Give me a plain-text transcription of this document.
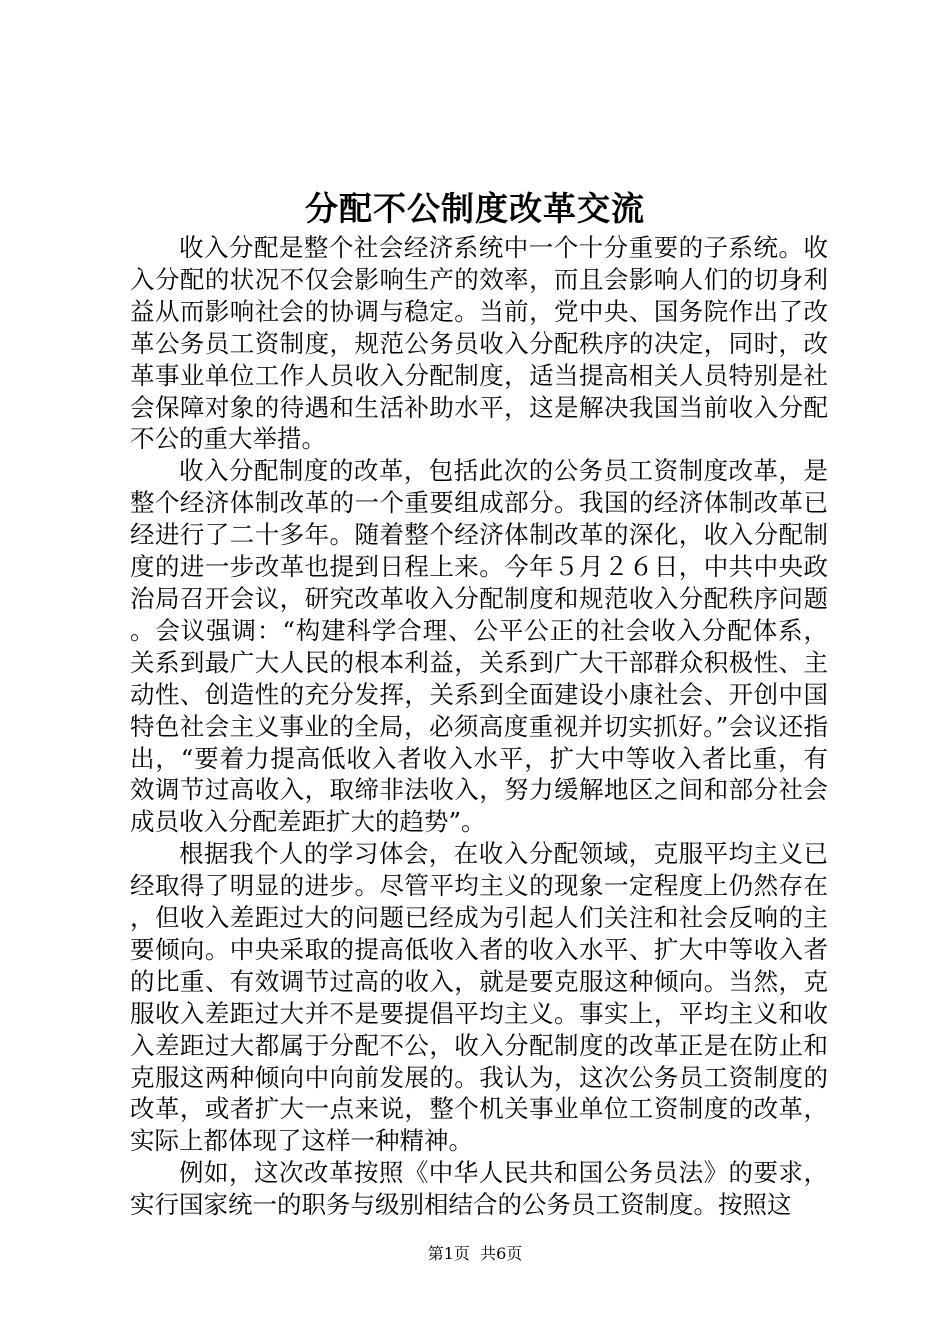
分配不公制度改革交流

收入分配是整个社会经济系统中一个十分重要的子系统。收入分配的状况不仅会影响生产的效率，而且会影响人们的切身利益从而影响社会的协调与稳定。当前，党中央、国务院作出了改革公务员工资制度，规范公务员收入分配秩序的决定，同时，改革事业单位工作人员收入分配制度，适当提高相关人员特别是社会保障对象的待遇和生活补助水平，这是解决我国当前收入分配不公的重大举措。

收入分配制度的改革，包括此次的公务员工资制度改革，是整个经济体制改革的一个重要组成部分。我国的经济体制改革已经进行了二十多年。随着整个经济体制改革的深化，收入分配制度的进一步改革也提到日程上来。今年５月２６日，中共中央政治局召开会议，研究改革收入分配制度和规范收入分配秩序问题。会议强调：“构建科学合理、公平公正的社会收入分配体系，关系到最广大人民的根本利益，关系到广大干部群众积极性、主动性、创造性的充分发挥，关系到全面建设小康社会、开创中国特色社会主义事业的全局，必须高度重视并切实抓好。”会议还指出，“要着力提高低收入者收入水平，扩大中等收入者比重，有效调节过高收入，取缔非法收入，努力缓解地区之间和部分社会成员收入分配差距扩大的趋势”。

根据我个人的学习体会，在收入分配领域，克服平均主义已经取得了明显的进步。尽管平均主义的现象一定程度上仍然存在，但收入差距过大的问题已经成为引起人们关注和社会反响的主要倾向。中央采取的提高低收入者的收入水平、扩大中等收入者的比重、有效调节过高的收入，就是要克服这种倾向。当然，克服收入差距过大并不是要提倡平均主义。事实上，平均主义和收入差距过大都属于分配不公，收入分配制度的改革正是在防止和克服这两种倾向中向前发展的。我认为，这次公务员工资制度的改革，或者扩大一点来说，整个机关事业单位工资制度的改革，实际上都体现了这样一种精神。

例如，这次改革按照《中华人民共和国公务员法》的要求，实行国家统一的职务与级别相结合的公务员工资制度。按照这

第1页 共6页
